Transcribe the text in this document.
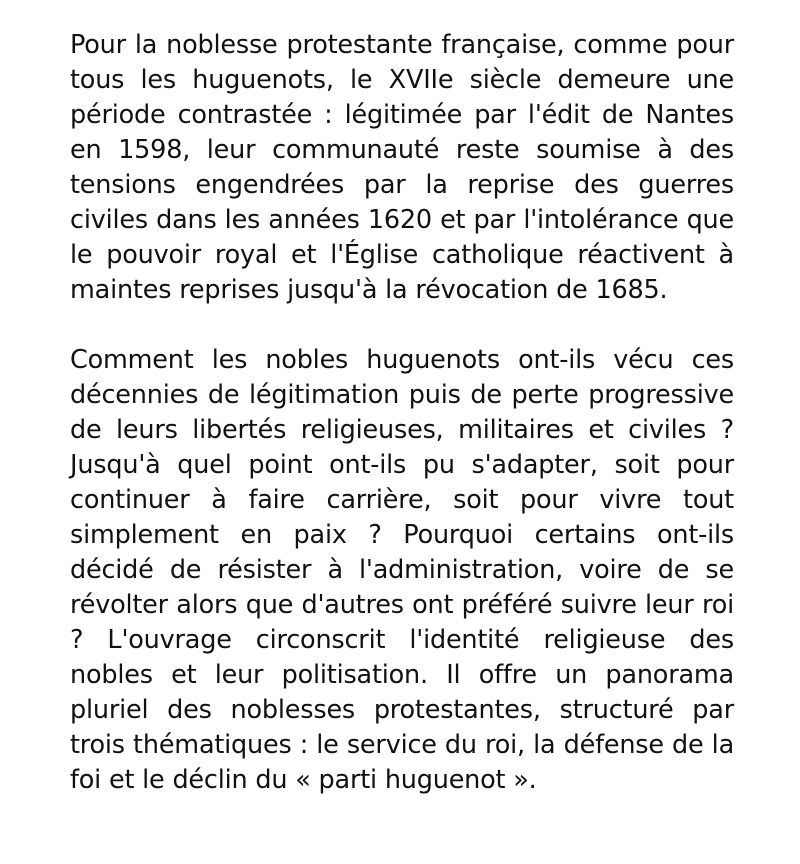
Pour la noblesse protestante française, comme pour tous les huguenots, le XVIIe siècle demeure une période contrastée : légitimée par l'édit de Nantes en 1598, leur communauté reste soumise à des tensions engendrées par la reprise des guerres civiles dans les années 1620 et par l'intolérance que le pouvoir royal et l'Église catholique réactivent à maintes reprises jusqu'à la révocation de 1685.

Comment les nobles huguenots ont-ils vécu ces décennies de légitimation puis de perte progressive de leurs libertés religieuses, militaires et civiles ? Jusqu'à quel point ont-ils pu s'adapter, soit pour continuer à faire carrière, soit pour vivre tout simplement en paix ? Pourquoi certains ont-ils décidé de résister à l'administration, voire de se révolter alors que d'autres ont préféré suivre leur roi ? L'ouvrage circonscrit l'identité religieuse des nobles et leur politisation. Il offre un panorama pluriel des noblesses protestantes, structuré par trois thématiques : le service du roi, la défense de la foi et le déclin du « parti huguenot ».
